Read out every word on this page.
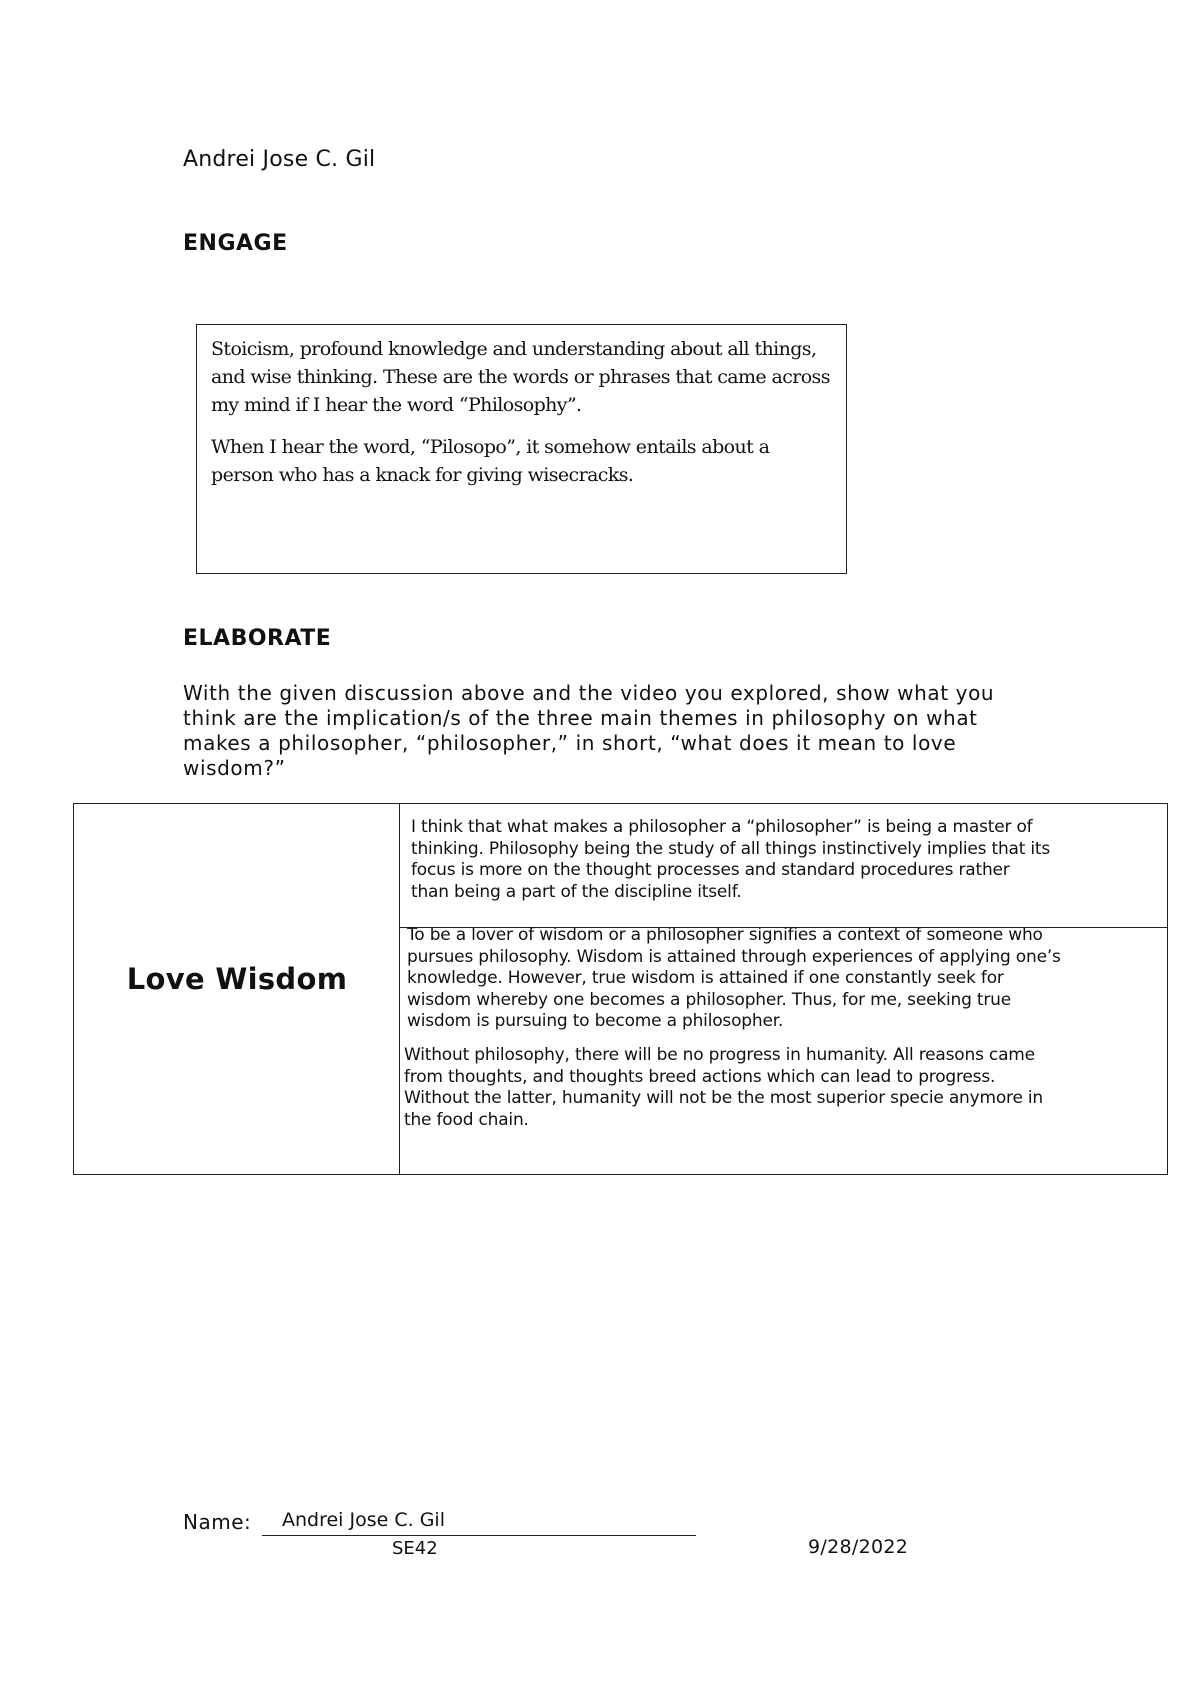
Andrei Jose C. Gil
ENGAGE

Stoicism, profound knowledge and understanding about all things, and wise thinking. These are the words or phrases that came across my mind if I hear the word “Philosophy”.

When I hear the word, “Pilosopo”, it somehow entails about a person who has a knack for giving wisecracks.

ELABORATE
With the given discussion above and the video you explored, show what you think are the implication/s of the three main themes in philosophy on what makes a philosopher, “philosopher,” in short, “what does it mean to love wisdom?”
Love Wisdom
I think that what makes a philosopher a “philosopher” is being a master of thinking. Philosophy being the study of all things instinctively implies that its focus is more on the thought processes and standard procedures rather than being a part of the discipline itself.
To be a lover of wisdom or a philosopher signifies a context of someone who pursues philosophy. Wisdom is attained through experiences of applying one’s knowledge. However, true wisdom is attained if one constantly seek for wisdom whereby one becomes a philosopher. Thus, for me, seeking true wisdom is pursuing to become a philosopher.
Without philosophy, there will be no progress in humanity. All reasons came from thoughts, and thoughts breed actions which can lead to progress. Without the latter, humanity will not be the most superior specie anymore in the food chain.
Name: Andrei Jose C. Gil
SE42	9/28/2022
